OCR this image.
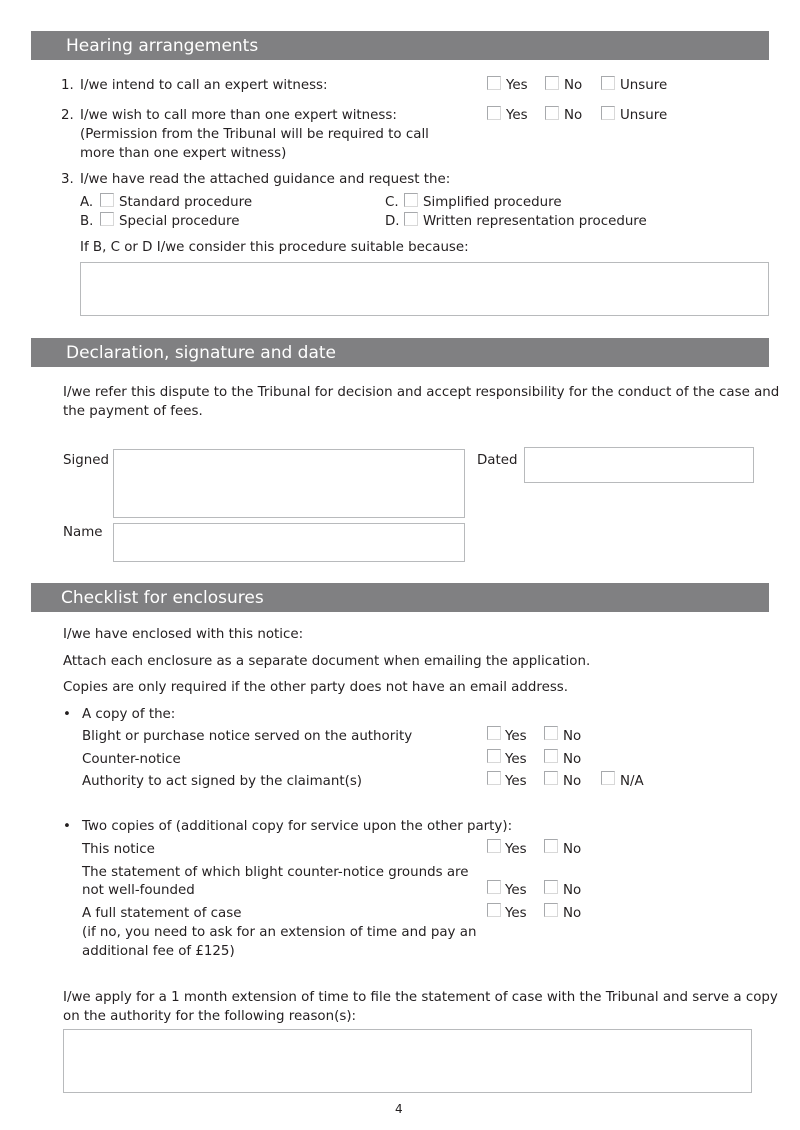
Hearing arrangements
1. I/we intend to call an expert witness:	Yes	No	Unsure
2. I/we wish to call more than one expert witness:
(Permission from the Tribunal will be required to call
more than one expert witness)
Yes	No	Unsure
3. I/we have read the attached guidance and request the:
A. Standard procedure
B. Special procedure
C. Simplified procedure
D. Written representation procedure
If B, C or D I/we consider this procedure suitable because:
Declaration, signature and date
I/we refer this dispute to the Tribunal for decision and accept responsibility for the conduct of the case and
the payment of fees.
Signed	Dated
Name
Checklist for enclosures
I/we have enclosed with this notice:
Attach each enclosure as a separate document when emailing the application.
Copies are only required if the other party does not have an email address.
• A copy of the:
Blight or purchase notice served on the authority	Yes	No
Counter-notice	Yes	No
Authority to act signed by the claimant(s)	Yes	No	N/A
• Two copies of (additional copy for service upon the other party):
This notice	Yes	No
The statement of which blight counter-notice grounds are
not well-founded	Yes	No
A full statement of case
(if no, you need to ask for an extension of time and pay an
additional fee of £125)
Yes	No
I/we apply for a 1 month extension of time to file the statement of case with the Tribunal and serve a copy
on the authority for the following reason(s):
4
